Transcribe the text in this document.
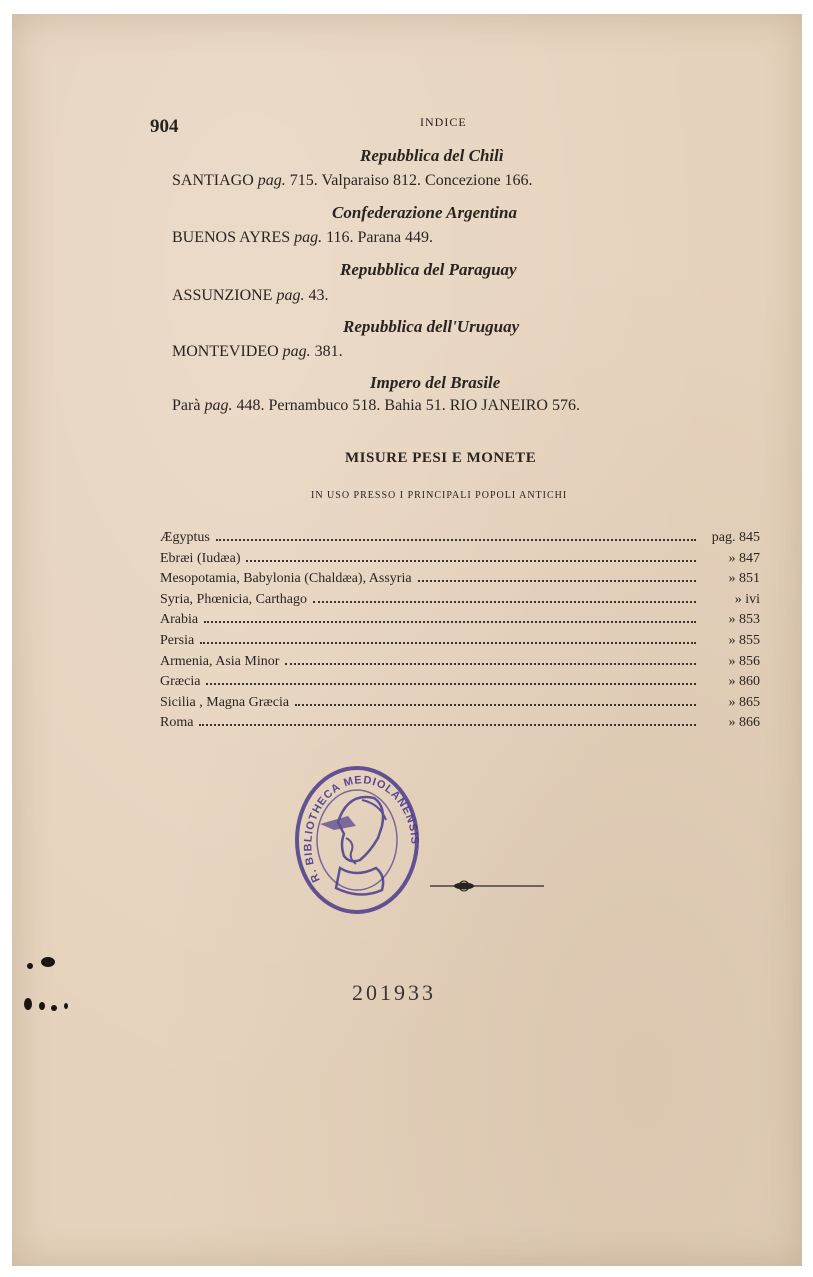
904	INDICE
Repubblica del Chilì
SANTIAGO pag. 715. Valparaiso 812. Concezione 166.
Confederazione Argentina
BUENOS AYRES pag. 116. Parana 449.
Repubblica del Paraguay
ASSUNZIONE pag. 43.
Repubblica dell'Uruguay
MONTEVIDEO pag. 381.
Impero del Brasile
Parà pag. 448. Pernambuco 518. Bahia 51. RIO JANEIRO 576.
MISURE PESI E MONETE
IN USO PRESSO I PRINCIPALI POPOLI ANTICHI
Ægyptus	pag. 845
Ebræi (Iudæa)	» 847
Mesopotamia, Babylonia (Chaldæa), Assyria	» 851
Syria, Phœnicia, Carthago	» ivi
Arabia	» 853
Persia	» 855
Armenia, Asia Minor	» 856
Græcia	» 860
Sicilia , Magna Græcia	» 865
Roma	» 866
R. BIBLIOTHECA MEDIOLANENSIS
201933
